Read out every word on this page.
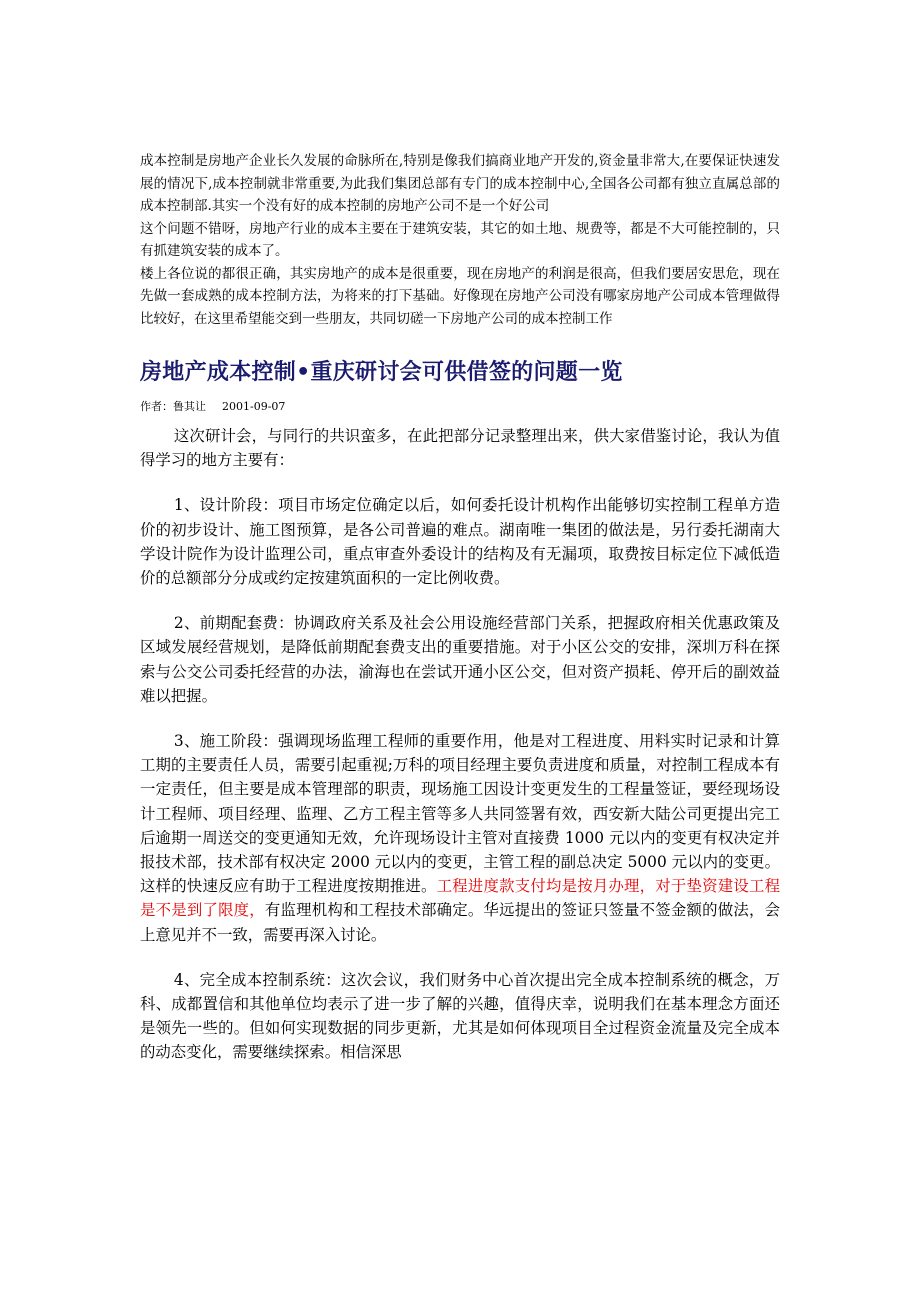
成本控制是房地产企业长久发展的命脉所在,特别是像我们搞商业地产开发的,资金量非常大,在要保证快速发展的情况下,成本控制就非常重要,为此我们集团总部有专门的成本控制中心,全国各公司都有独立直属总部的成本控制部.其实一个没有好的成本控制的房地产公司不是一个好公司

这个问题不错呀，房地产行业的成本主要在于建筑安装，其它的如土地、规费等，都是不大可能控制的，只有抓建筑安装的成本了。

楼上各位说的都很正确，其实房地产的成本是很重要，现在房地产的利润是很高，但我们要居安思危，现在先做一套成熟的成本控制方法，为将来的打下基础。好像现在房地产公司没有哪家房地产公司成本管理做得比较好，在这里希望能交到一些朋友，共同切磋一下房地产公司的成本控制工作

房地产成本控制•重庆研讨会可供借签的问题一览
作者：鲁其让 2001-09-07

这次研计会，与同行的共识蛮多，在此把部分记录整理出来，供大家借鉴讨论，我认为值得学习的地方主要有：

1、设计阶段：项目市场定位确定以后，如何委托设计机构作出能够切实控制工程单方造价的初步设计、施工图预算，是各公司普遍的难点。湖南唯一集团的做法是，另行委托湖南大学设计院作为设计监理公司，重点审查外委设计的结构及有无漏项，取费按目标定位下减低造价的总额部分分成或约定按建筑面积的一定比例收费。

2、前期配套费：协调政府关系及社会公用设施经营部门关系，把握政府相关优惠政策及区域发展经营规划，是降低前期配套费支出的重要措施。对于小区公交的安排，深圳万科在探索与公交公司委托经营的办法，渝海也在尝试开通小区公交，但对资产损耗、停开后的副效益难以把握。

3、施工阶段：强调现场监理工程师的重要作用，他是对工程进度、用料实时记录和计算工期的主要责任人员，需要引起重视;万科的项目经理主要负责进度和质量，对控制工程成本有一定责任，但主要是成本管理部的职责，现场施工因设计变更发生的工程量签证，要经现场设计工程师、项目经理、监理、乙方工程主管等多人共同签署有效，西安新大陆公司更提出完工后逾期一周送交的变更通知无效，允许现场设计主管对直接费 1000 元以内的变更有权决定并报技术部，技术部有权决定 2000 元以内的变更，主管工程的副总决定 5000 元以内的变更。这样的快速反应有助于工程进度按期推进。工程进度款支付均是按月办理，对于垫资建设工程是不是到了限度，有监理机构和工程技术部确定。华远提出的签证只签量不签金额的做法，会上意见并不一致，需要再深入讨论。

4、完全成本控制系统：这次会议，我们财务中心首次提出完全成本控制系统的概念，万科、成都置信和其他单位均表示了进一步了解的兴趣，值得庆幸，说明我们在基本理念方面还是领先一些的。但如何实现数据的同步更新，尤其是如何体现项目全过程资金流量及完全成本的动态变化，需要继续探索。相信深思
